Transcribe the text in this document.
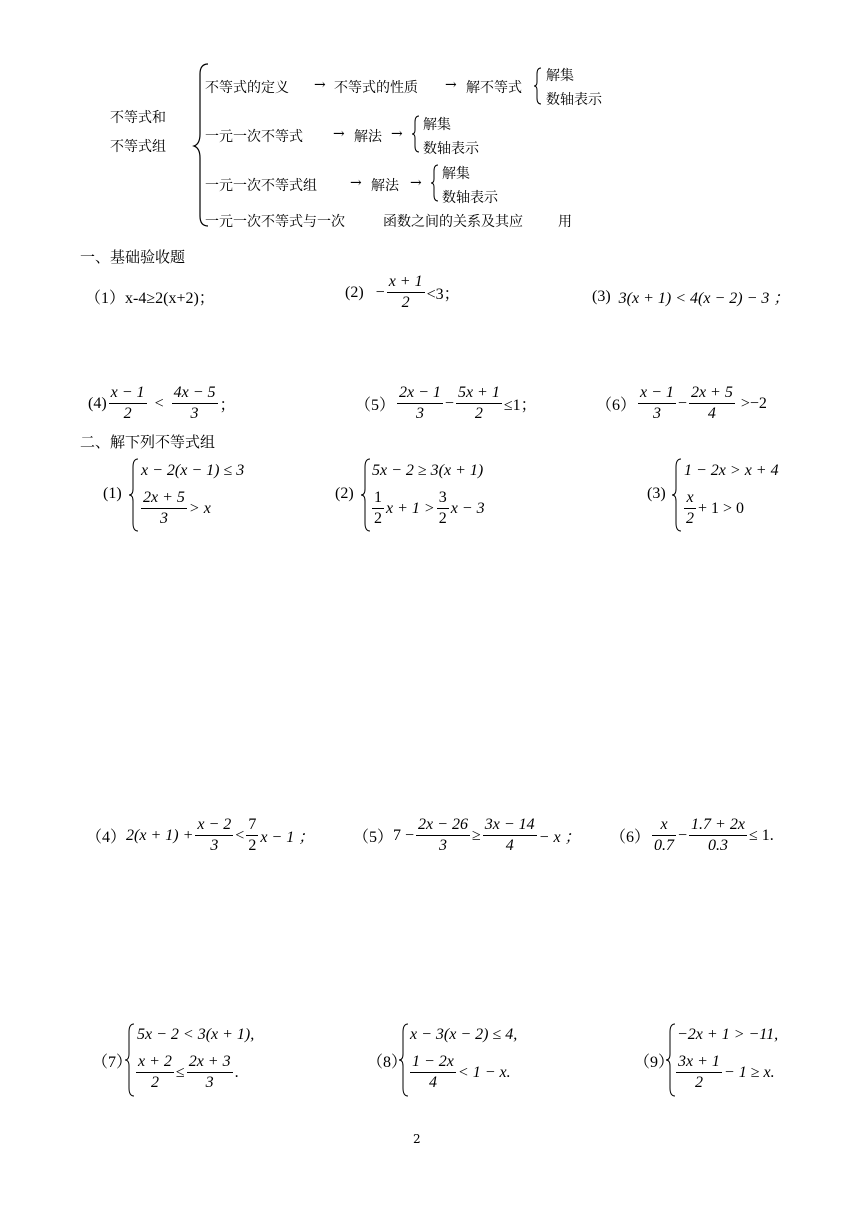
不等式和
不等式组
不等式的定义 → 不等式的性质 → 解不等式
解集
数轴表示
一元一次不等式 → 解法 →
解集
数轴表示
一元一次不等式组 → 解法 →
解集
数轴表示
一元一次不等式与一次	函数之间的关系及其应	用
一、基础验收题
（1） x-4≥2(x+2)；	$(2) - \frac{x + 1}{2} <3$；	(3) 3(x + 1) < 4(x − 2) − 3 ；
$(4) \frac{x - 1}{2} < \frac{4x - 5}{3}$ ；	$(5) \frac{2x - 1}{3} - \frac{5x + 1}{2} \le 1$；	$(6) \frac{x - 1}{3} - \frac{2x + 5}{4} >-2$
二、解下列不等式组
(1)
x − 2(x − 1) ≤ 3
$\frac{2x + 5}{3} > x$
(2)
5x − 2 ≥ 3(x + 1)
$\frac{1}{2}$ $x + 1 > \frac{3}{2}$ x − 3
(3)
1 − 2x > x + 4
$\frac{x}{2} + 1 > 0$
（4） $2(x + 1) + \frac{x - 2}{3} < \frac{7}{2}$ x − 1 ； （5） $7 - \frac{2x - 26}{3} \ge \frac{3x - 14}{4} - x$ ； $(6) \frac{x}{0.7} - \frac{1.7 + 2x}{0.3} \le 1$.
（7）
5x − 2 < 3(x + 1),
$\frac{x + 2}{2} \le \frac{2x + 3}{3}$ .
（8）
x − 3(x − 2) ≤ 4,
$\frac{1 - 2x}{4} < 1 - x$.
（9）
−2x + 1 > −11,
$\frac{3x + 1}{2} - 1 \ge x$.
2
